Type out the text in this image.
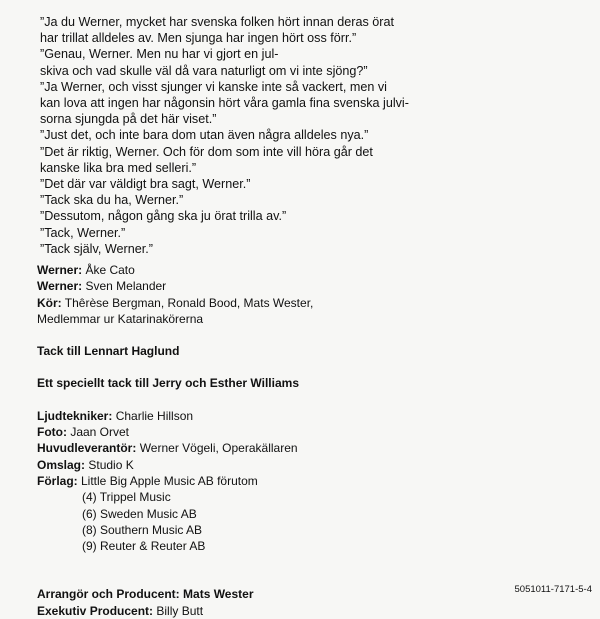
”Ja du Werner, mycket har svenska folken hört innan deras örat
har trillat alldeles av. Men sjunga har ingen hört oss förr.”
”Genau, Werner. Men nu har vi gjort en jul-
skiva och vad skulle väl då vara naturligt om vi inte sjöng?”
”Ja Werner, och visst sjunger vi kanske inte så vackert, men vi
kan lova att ingen har någonsin hört våra gamla fina svenska julvi-
sorna sjungda på det här viset.”
”Just det, och inte bara dom utan även några alldeles nya.”
”Det är riktig, Werner. Och för dom som inte vill höra går det
kanske lika bra med selleri.”
”Det där var väldigt bra sagt, Werner.”
”Tack ska du ha, Werner.”
”Dessutom, någon gång ska ju örat trilla av.”
”Tack, Werner.”
”Tack själv, Werner.”
Werner: Åke Cato
Werner: Sven Melander
Kör: Thêrèse Bergman, Ronald Bood, Mats Wester,
Medlemmar ur Katarinakörerna
Tack till Lennart Haglund
Ett speciellt tack till Jerry och Esther Williams
Ljudtekniker: Charlie Hillson
Foto: Jaan Orvet
Huvudleverantör: Werner Vögeli, Operakällaren
Omslag: Studio K
Förlag: Little Big Apple Music AB förutom
(4) Trippel Music
(6) Sweden Music AB
(8) Southern Music AB
(9) Reuter & Reuter AB
Arrangör och Producent: Mats Wester
Exekutiv Producent: Billy Butt
5051011-7171-5-4
